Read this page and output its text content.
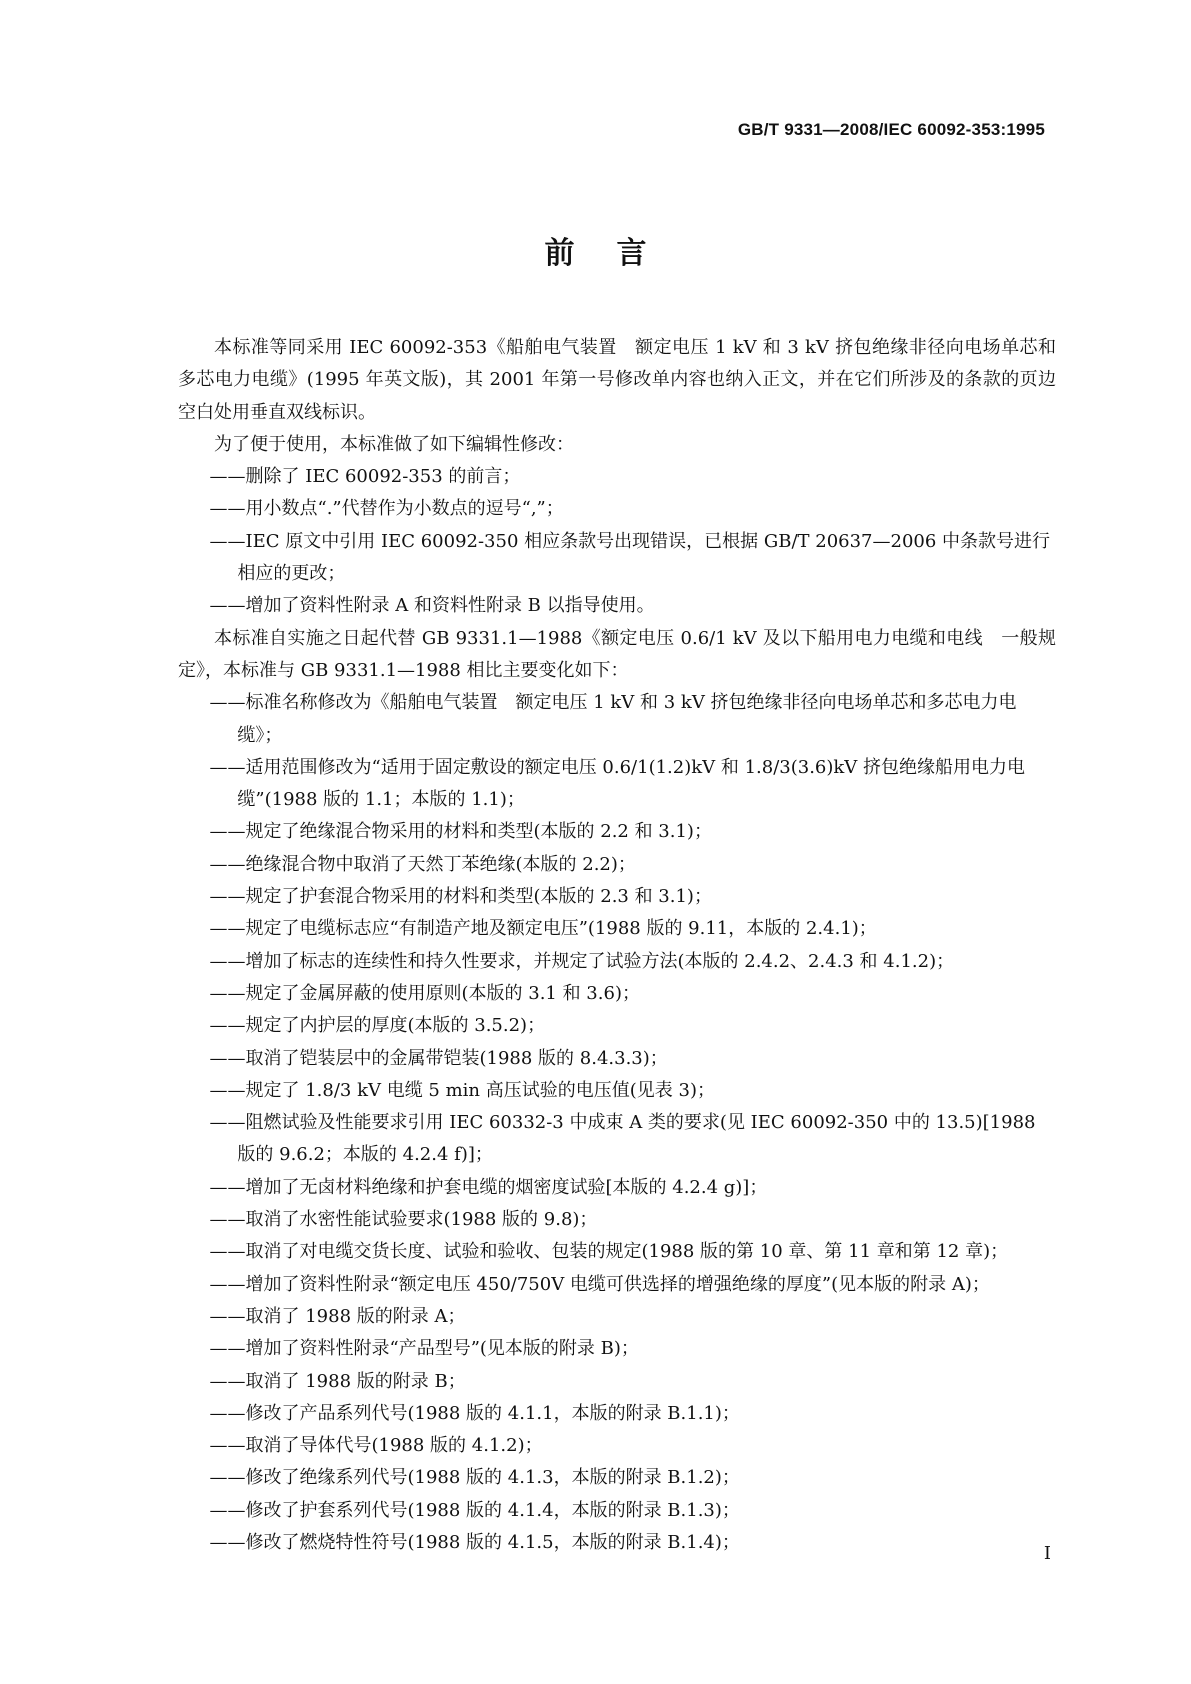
GB/T 9331—2008/IEC 60092-353:1995
前言

本标准等同采用 IEC 60092-353《船舶电气装置　额定电压 1 kV 和 3 kV 挤包绝缘非径向电场单芯和多芯电力电缆》(1995 年英文版)，其 2001 年第一号修改单内容也纳入正文，并在它们所涉及的条款的页边空白处用垂直双线标识。

为了便于使用，本标准做了如下编辑性修改：

——删除了 IEC 60092-353 的前言；

——用小数点“.”代替作为小数点的逗号“,”；

——IEC 原文中引用 IEC 60092-350 相应条款号出现错误，已根据 GB/T 20637—2006 中条款号进行相应的更改；

——增加了资料性附录 A 和资料性附录 B 以指导使用。

本标准自实施之日起代替 GB 9331.1—1988《额定电压 0.6/1 kV 及以下船用电力电缆和电线　一般规定》，本标准与 GB 9331.1—1988 相比主要变化如下：

——标准名称修改为《船舶电气装置　额定电压 1 kV 和 3 kV 挤包绝缘非径向电场单芯和多芯电力电缆》；

——适用范围修改为“适用于固定敷设的额定电压 0.6/1(1.2)kV 和 1.8/3(3.6)kV 挤包绝缘船用电力电缆”(1988 版的 1.1；本版的 1.1)；

——规定了绝缘混合物采用的材料和类型(本版的 2.2 和 3.1)；

——绝缘混合物中取消了天然丁苯绝缘(本版的 2.2)；

——规定了护套混合物采用的材料和类型(本版的 2.3 和 3.1)；

——规定了电缆标志应“有制造产地及额定电压”(1988 版的 9.11，本版的 2.4.1)；

——增加了标志的连续性和持久性要求，并规定了试验方法(本版的 2.4.2、2.4.3 和 4.1.2)；

——规定了金属屏蔽的使用原则(本版的 3.1 和 3.6)；

——规定了内护层的厚度(本版的 3.5.2)；

——取消了铠装层中的金属带铠装(1988 版的 8.4.3.3)；

——规定了 1.8/3 kV 电缆 5 min 高压试验的电压值(见表 3)；

——阻燃试验及性能要求引用 IEC 60332-3 中成束 A 类的要求(见 IEC 60092-350 中的 13.5)[1988 版的 9.6.2；本版的 4.2.4 f)]；

——增加了无卤材料绝缘和护套电缆的烟密度试验[本版的 4.2.4 g)]；

——取消了水密性能试验要求(1988 版的 9.8)；

——取消了对电缆交货长度、试验和验收、包装的规定(1988 版的第 10 章、第 11 章和第 12 章)；

——增加了资料性附录“额定电压 450/750V 电缆可供选择的增强绝缘的厚度”(见本版的附录 A)；

——取消了 1988 版的附录 A；

——增加了资料性附录“产品型号”(见本版的附录 B)；

——取消了 1988 版的附录 B；

——修改了产品系列代号(1988 版的 4.1.1，本版的附录 B.1.1)；

——取消了导体代号(1988 版的 4.1.2)；

——修改了绝缘系列代号(1988 版的 4.1.3，本版的附录 B.1.2)；

——修改了护套系列代号(1988 版的 4.1.4，本版的附录 B.1.3)；

——修改了燃烧特性符号(1988 版的 4.1.5，本版的附录 B.1.4)；

I
